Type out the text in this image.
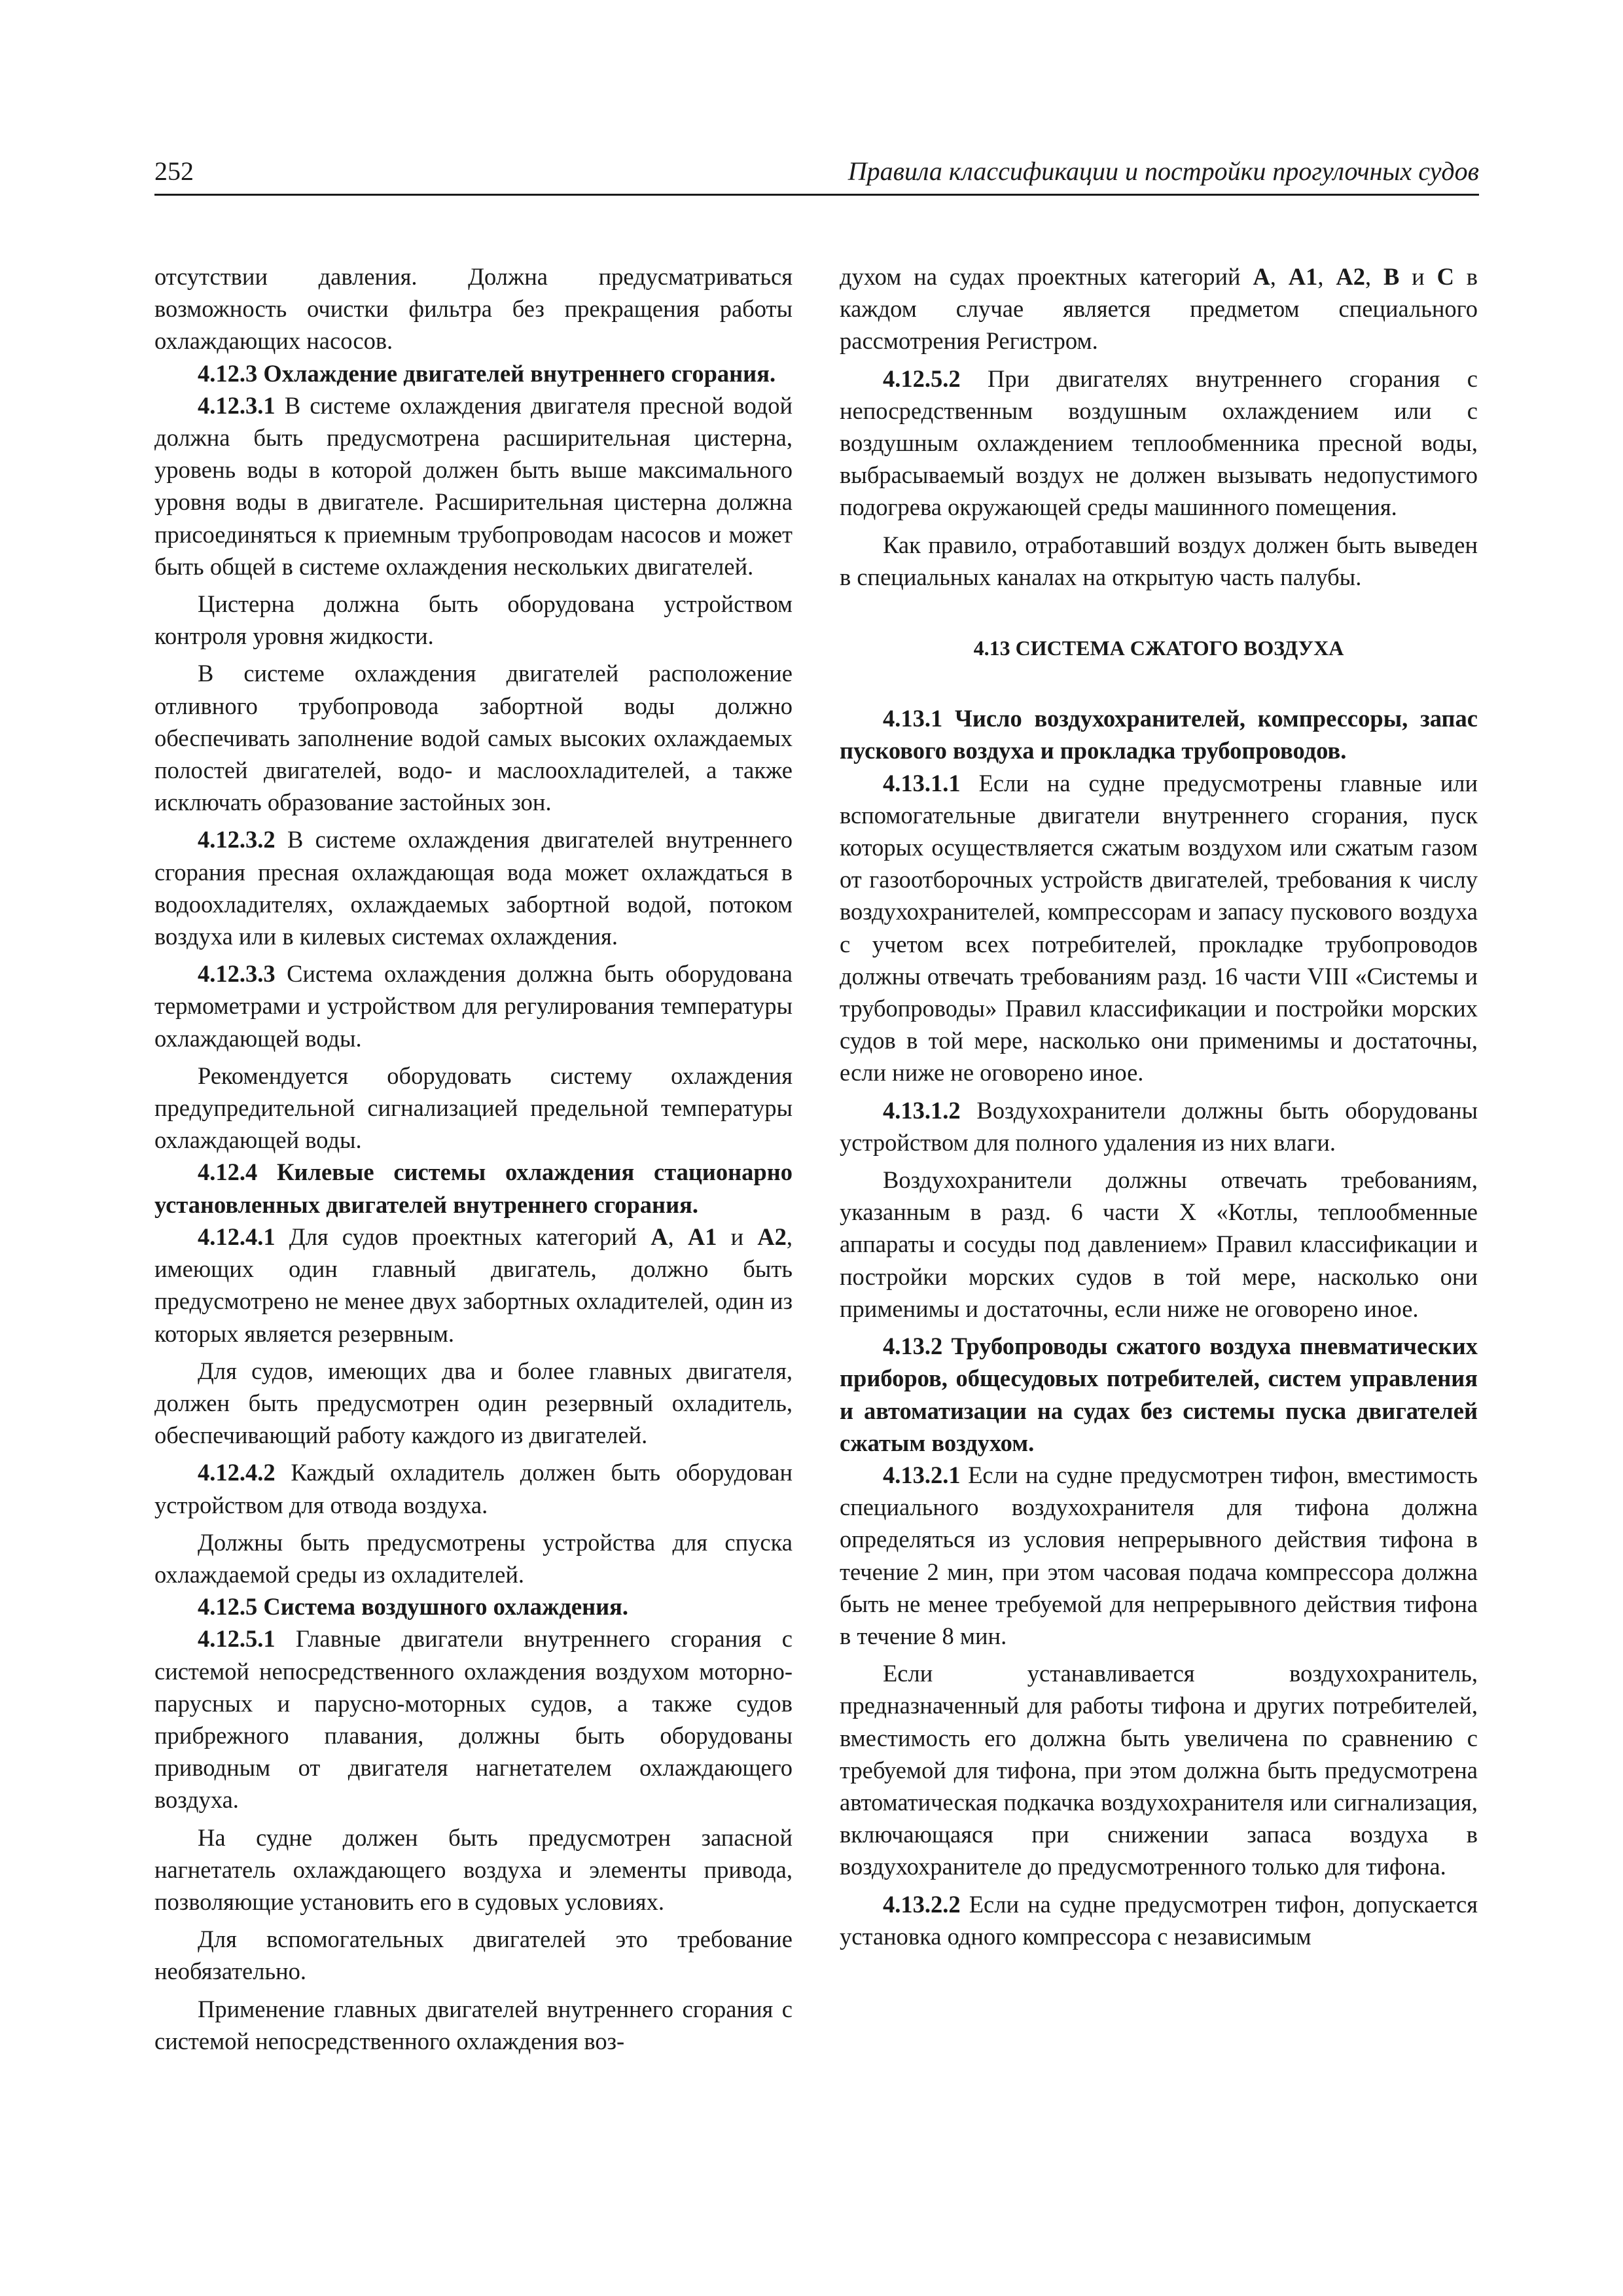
252	Правила классификации и постройки прогулочных судов

отсутствии давления. Должна предусматриваться возможность очистки фильтра без прекращения работы охлаждающих насосов.

4.12.3 Охлаждение двигателей внутреннего сгорания.

4.12.3.1 В системе охлаждения двигателя пресной водой должна быть предусмотрена расширительная цистерна, уровень воды в которой должен быть выше максимального уровня воды в двигателе. Расширительная цистерна должна присоединяться к приемным трубопроводам насосов и может быть общей в системе охлаждения нескольких двигателей.

Цистерна должна быть оборудована устройством контроля уровня жидкости.

В системе охлаждения двигателей расположение отливного трубопровода забортной воды должно обеспечивать заполнение водой самых высоких охлаждаемых полостей двигателей, водо- и маслоохладителей, а также исключать образование застойных зон.

4.12.3.2 В системе охлаждения двигателей внутреннего сгорания пресная охлаждающая вода может охлаждаться в водоохладителях, охлаждаемых забортной водой, потоком воздуха или в килевых системах охлаждения.

4.12.3.3 Система охлаждения должна быть оборудована термометрами и устройством для регулирования температуры охлаждающей воды.

Рекомендуется оборудовать систему охлаждения предупредительной сигнализацией предельной температуры охлаждающей воды.

4.12.4 Килевые системы охлаждения стационарно установленных двигателей внутреннего сгорания.

4.12.4.1 Для судов проектных категорий A, A1 и A2, имеющих один главный двигатель, должно быть предусмотрено не менее двух забортных охладителей, один из которых является резервным.

Для судов, имеющих два и более главных двигателя, должен быть предусмотрен один резервный охладитель, обеспечивающий работу каждого из двигателей.

4.12.4.2 Каждый охладитель должен быть оборудован устройством для отвода воздуха.

Должны быть предусмотрены устройства для спуска охлаждаемой среды из охладителей.

4.12.5 Система воздушного охлаждения.

4.12.5.1 Главные двигатели внутреннего сгорания с системой непосредственного охлаждения воздухом моторно-парусных и парусно-моторных судов, а также судов прибрежного плавания, должны быть оборудованы приводным от двигателя нагнетателем охлаждающего воздуха.

На судне должен быть предусмотрен запасной нагнетатель охлаждающего воздуха и элементы привода, позволяющие установить его в судовых условиях.

Для вспомогательных двигателей это требование необязательно.

Применение главных двигателей внутреннего сгорания с системой непосредственного охлаждения воз-

духом на судах проектных категорий A, A1, A2, B и C в каждом случае является предметом специального рассмотрения Регистром.

4.12.5.2 При двигателях внутреннего сгорания с непосредственным воздушным охлаждением или с воздушным охлаждением теплообменника пресной воды, выбрасываемый воздух не должен вызывать недопустимого подогрева окружающей среды машинного помещения.

Как правило, отработавший воздух должен быть выведен в специальных каналах на открытую часть палубы.

4.13 СИСТЕМА СЖАТОГО ВОЗДУХА

4.13.1 Число воздухохранителей, компрессоры, запас пускового воздуха и прокладка трубопроводов.

4.13.1.1 Если на судне предусмотрены главные или вспомогательные двигатели внутреннего сгорания, пуск которых осуществляется сжатым воздухом или сжатым газом от газоотборочных устройств двигателей, требования к числу воздухохранителей, компрессорам и запасу пускового воздуха с учетом всех потребителей, прокладке трубопроводов должны отвечать требованиям разд. 16 части VIII «Системы и трубопроводы» Правил классификации и постройки морских судов в той мере, насколько они применимы и достаточны, если ниже не оговорено иное.

4.13.1.2 Воздухохранители должны быть оборудованы устройством для полного удаления из них влаги.

Воздухохранители должны отвечать требованиям, указанным в разд. 6 части X «Котлы, теплообменные аппараты и сосуды под давлением» Правил классификации и постройки морских судов в той мере, насколько они применимы и достаточны, если ниже не оговорено иное.

4.13.2 Трубопроводы сжатого воздуха пневматических приборов, общесудовых потребителей, систем управления и автоматизации на судах без системы пуска двигателей сжатым воздухом.

4.13.2.1 Если на судне предусмотрен тифон, вместимость специального воздухохранителя для тифона должна определяться из условия непрерывного действия тифона в течение 2 мин, при этом часовая подача компрессора должна быть не менее требуемой для непрерывного действия тифона в течение 8 мин.

Если устанавливается воздухохранитель, предназначенный для работы тифона и других потребителей, вместимость его должна быть увеличена по сравнению с требуемой для тифона, при этом должна быть предусмотрена автоматическая подкачка воздухохранителя или сигнализация, включающаяся при снижении запаса воздуха в воздухохранителе до предусмотренного только для тифона.

4.13.2.2 Если на судне предусмотрен тифон, допускается установка одного компрессора с независимым
